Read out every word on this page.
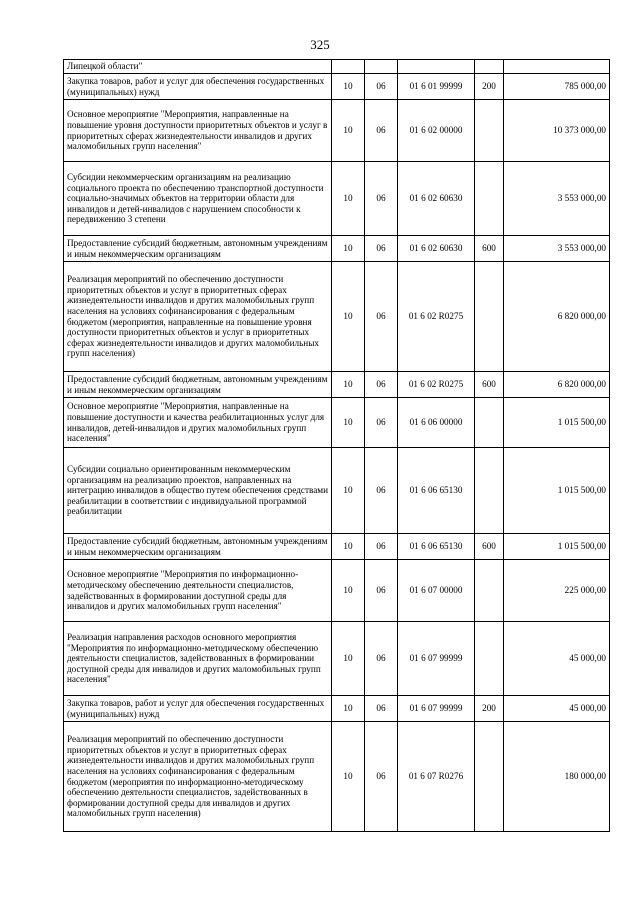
325
Липецкой области"					
Закупка товаров, работ и услуг для обеспечения государственных (муниципальных) нужд	10	06	01 6 01 99999	200	785 000,00
Основное мероприятие "Мероприятия, направленные на повышение уровня доступности приоритетных объектов и услуг в приоритетных сферах жизнедеятельности инвалидов и других маломобильных групп населения"	10	06	01 6 02 00000		10 373 000,00
Субсидии некоммерческим организациям на реализацию социального проекта по обеспечению транспортной доступности социально-значимых объектов на территории области для инвалидов и детей-инвалидов с нарушением способности к передвижению 3 степени	10	06	01 6 02 60630		3 553 000,00
Предоставление субсидий бюджетным, автономным учреждениям и иным некоммерческим организациям	10	06	01 6 02 60630	600	3 553 000,00
Реализация мероприятий по обеспечению доступности приоритетных объектов и услуг в приоритетных сферах жизнедеятельности инвалидов и других маломобильных групп населения на условиях софинансирования с федеральным бюджетом (мероприятия, направленные на повышение уровня доступности приоритетных объектов и услуг в приоритетных сферах жизнедеятельности инвалидов и других маломобильных групп населения)	10	06	01 6 02 R0275		6 820 000,00
Предоставление субсидий бюджетным, автономным учреждениям и иным некоммерческим организациям	10	06	01 6 02 R0275	600	6 820 000,00
Основное мероприятие "Мероприятия, направленные на повышение доступности и качества реабилитационных услуг для инвалидов, детей-инвалидов и других маломобильных групп населения"	10	06	01 6 06 00000		1 015 500,00
Субсидии социально ориентированным некоммерческим организациям на реализацию проектов, направленных на интеграцию инвалидов в общество путем обеспечения средствами реабилитации в соответствии с индивидуальной программой реабилитации	10	06	01 6 06 65130		1 015 500,00
Предоставление субсидий бюджетным, автономным учреждениям и иным некоммерческим организациям	10	06	01 6 06 65130	600	1 015 500,00
Основное мероприятие "Мероприятия по информационно-методическому обеспечению деятельности специалистов, задействованных в формировании доступной среды для инвалидов и других маломобильных групп населения"	10	06	01 6 07 00000		225 000,00
Реализация направления расходов основного мероприятия "Мероприятия по информационно-методическому обеспечению деятельности специалистов, задействованных в формировании доступной среды для инвалидов и других маломобильных групп населения"	10	06	01 6 07 99999		45 000,00
Закупка товаров, работ и услуг для обеспечения государственных (муниципальных) нужд	10	06	01 6 07 99999	200	45 000,00
Реализация мероприятий по обеспечению доступности приоритетных объектов и услуг в приоритетных сферах жизнедеятельности инвалидов и других маломобильных групп населения на условиях софинансирования с федеральным бюджетом (мероприятия по информационно-методическому обеспечению деятельности специалистов, задействованных в формировании доступной среды для инвалидов и других маломобильных групп населения)	10	06	01 6 07 R0276		180 000,00
